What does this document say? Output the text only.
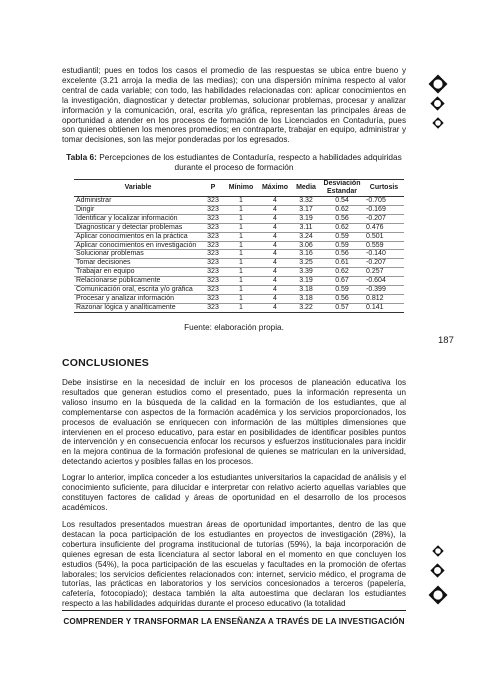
estudiantil; pues en todos los casos el promedio de las respuestas se ubica entre bueno y excelente (3.21 arroja la media de las medias); con una dispersión mínima respecto al valor central de cada variable; con todo, las habilidades relacionadas con: aplicar conocimientos en la investigación, diagnosticar y detectar problemas, solucionar problemas, procesar y analizar información y la comunicación, oral, escrita y/o gráfica, representan las principales áreas de oportunidad a atender en los procesos de formación de los Licenciados en Contaduría, pues son quienes obtienen los menores promedios; en contraparte, trabajar en equipo, administrar y tomar decisiones, son las mejor ponderadas por los egresados.

Tabla 6: Percepciones de los estudiantes de Contaduría, respecto a habilidades adquiridas durante el proceso de formación
Variable	P	Mínimo	Máximo	Media	Desviación Estandar	Curtosis
Administrar	323	1	4	3.32	0.54	-0.705
Dirigir	323	1	4	3.17	0.62	-0.169
Identificar y localizar información	323	1	4	3.19	0.56	-0.207
Diagnosticar y detectar problemas	323	1	4	3.11	0.62	0.476
Aplicar conocimientos en la práctica	323	1	4	3.24	0.59	0.501
Aplicar conocimientos en investigación	323	1	4	3.06	0.59	0.559
Solucionar problemas	323	1	4	3.16	0.56	-0.140
Tomar decisiones	323	1	4	3.25	0.61	-0.207
Trabajar en equipo	323	1	4	3.39	0.62	0.257
Relacionarse públicamente	323	1	4	3.19	0.67	-0.604
Comunicación oral, escrita y/o gráfica	323	1	4	3.18	0.59	-0.399
Procesar y analizar información	323	1	4	3.18	0.56	0.812
Razonar lógica y analíticamente	323	1	4	3.22	0.57	0.141
Fuente: elaboración propia.
187
CONCLUSIONES

Debe insistirse en la necesidad de incluir en los procesos de planeación educativa los resultados que generan estudios como el presentado, pues la información representa un valioso insumo en la búsqueda de la calidad en la formación de los estudiantes, que al complementarse con aspectos de la formación académica y los servicios proporcionados, los procesos de evaluación se enriquecen con información de las múltiples dimensiones que intervienen en el proceso educativo, para estar en posibilidades de identificar posibles puntos de intervención y en consecuencia enfocar los recursos y esfuerzos institucionales para incidir en la mejora continua de la formación profesional de quienes se matriculan en la universidad, detectando aciertos y posibles fallas en los procesos.

Lograr lo anterior, implica conceder a los estudiantes universitarios la capacidad de análisis y el conocimiento suficiente, para dilucidar e interpretar con relativo acierto aquellas variables que constituyen factores de calidad y áreas de oportunidad en el desarrollo de los procesos académicos.

Los resultados presentados muestran áreas de oportunidad importantes, dentro de las que destacan la poca participación de los estudiantes en proyectos de investigación (28%), la cobertura insuficiente del programa institucional de tutorías (59%), la baja incorporación de quienes egresan de esta licenciatura al sector laboral en el momento en que concluyen los estudios (54%), la poca participación de las escuelas y facultades en la promoción de ofertas laborales; los servicios deficientes relacionados con: internet, servicio médico, el programa de tutorías, las prácticas en laboratorios y los servicios concesionados a terceros (papelería, cafetería, fotocopiado); destaca también la alta autoestima que declaran los estudiantes respecto a las habilidades adquiridas durante el proceso educativo (la totalidad

COMPRENDER Y TRANSFORMAR LA ENSEÑANZA A TRAVÉS DE LA INVESTIGACIÓN
